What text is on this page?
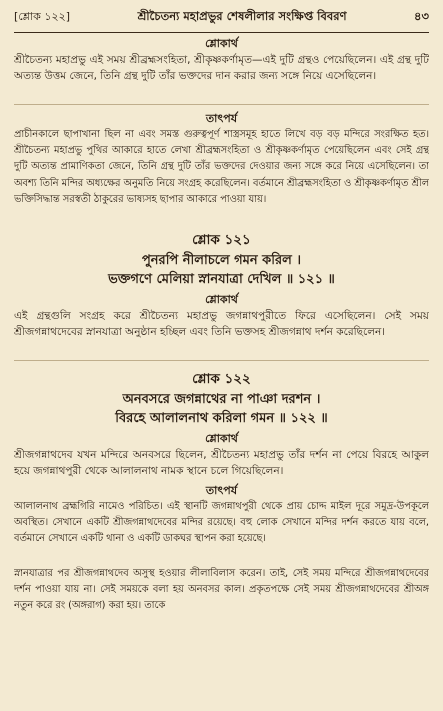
[শ্লোক ১২২]	শ্রীচৈতন্য মহাপ্রভুর শেষলীলার সংক্ষিপ্ত বিবরণ	৪৩
শ্লোকার্থ

শ্রীচৈতন্য মহাপ্রভু এই সময় শ্রীব্রহ্মসংহিতা, শ্রীকৃষ্ণকর্ণামৃত—এই দুটি গ্রন্থও পেয়েছিলেন। এই গ্রন্থ দুটি অত্যন্ত উত্তম জেনে, তিনি গ্রন্থ দুটি তাঁর ভক্তদের দান করার জন্য সঙ্গে নিয়ে এসেছিলেন।

তাৎপর্য

প্রাচীনকালে ছাপাখানা ছিল না এবং সমস্ত গুরুত্বপূর্ণ শাস্ত্রসমূহ হাতে লিখে বড় বড় মন্দিরে সংরক্ষিত হত। শ্রীচৈতন্য মহাপ্রভু পুথির আকারে হাতে লেখা শ্রীব্রহ্মসংহিতা ও শ্রীকৃষ্ণকর্ণামৃত পেয়েছিলেন এবং সেই গ্রন্থ দুটি অত্যন্ত প্রামাণিকতা জেনে, তিনি গ্রন্থ দুটি তাঁর ভক্তদের দেওয়ার জন্য সঙ্গে করে নিয়ে এসেছিলেন। তা অবশ্য তিনি মন্দির অধ্যক্ষের অনুমতি নিয়ে সংগ্রহ করেছিলেন। বর্তমানে শ্রীব্রহ্মসংহিতা ও শ্রীকৃষ্ণকর্ণামৃত শ্রীল ভক্তিসিদ্ধান্ত সরস্বতী ঠাকুরের ভাষ্যসহ ছাপার আকারে পাওয়া যায়।

শ্লোক ১২১
পুনরপি নীলাচলে গমন করিল ।
ভক্তগণে মেলিয়া স্নানযাত্রা দেখিল ॥ ১২১ ॥
শ্লোকার্থ

এই গ্রন্থগুলি সংগ্রহ করে শ্রীচৈতন্য মহাপ্রভু জগন্নাথপুরীতে ফিরে এসেছিলেন। সেই সময় শ্রীজগন্নাথদেবের স্নানযাত্রা অনুষ্ঠান হচ্ছিল এবং তিনি ভক্তসহ শ্রীজগন্নাথ দর্শন করেছিলেন।

শ্লোক ১২২
অনবসরে জগন্নাথের না পাঞা দরশন ।
বিরহে আলালনাথ করিলা গমন ॥ ১২২ ॥
শ্লোকার্থ

শ্রীজগন্নাথদেব যখন মন্দিরে অনবসরে ছিলেন, শ্রীচৈতন্য মহাপ্রভু তাঁর দর্শন না পেয়ে বিরহে আকুল হয়ে জগন্নাথপুরী থেকে আলালনাথ নামক স্থানে চলে গিয়েছিলেন।

তাৎপর্য

আলালনাথ ব্রহ্মগিরি নামেও পরিচিত। এই স্থানটি জগন্নাথপুরী থেকে প্রায় চোদ্দ মাইল দূরে সমুদ্র-উপকূলে অবস্থিত। সেখানে একটি শ্রীজগন্নাথদেবের মন্দির রয়েছে। বহু লোক সেখানে মন্দির দর্শন করতে যায় বলে, বর্তমানে সেখানে একটি থানা ও একটি ডাকঘর স্থাপন করা হয়েছে।

স্নানযাত্রার পর শ্রীজগন্নাথদেব অসুস্থ হওয়ার লীলাবিলাস করেন। তাই, সেই সময় মন্দিরে শ্রীজগন্নাথদেবের দর্শন পাওয়া যায় না। সেই সময়কে বলা হয় অনবসর কাল। প্রকৃতপক্ষে সেই সময় শ্রীজগন্নাথদেবের শ্রীঅঙ্গ নতুন করে রং (অঙ্গরাগ) করা হয়। তাকে
